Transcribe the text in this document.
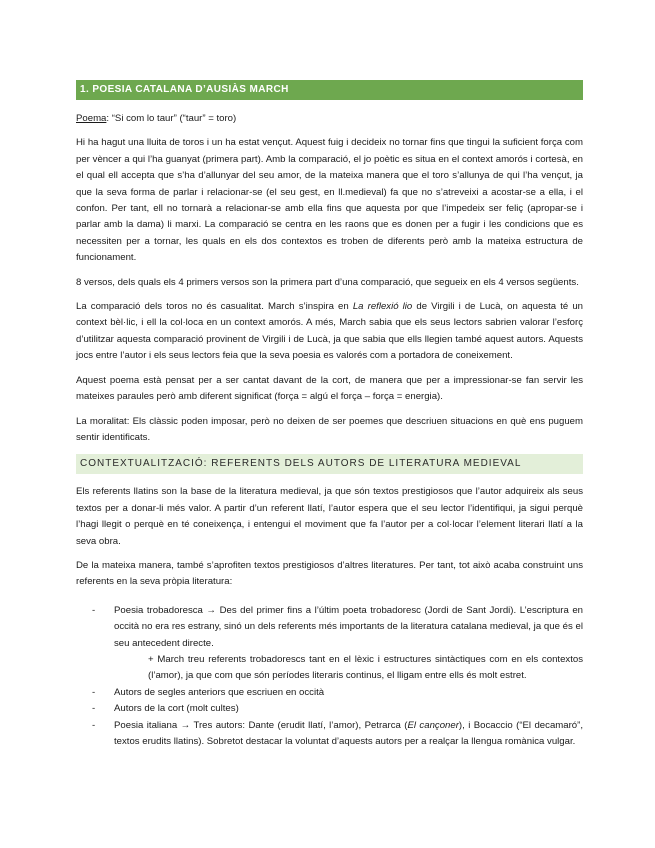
1. POESIA CATALANA D’AUSIÀS MARCH

Poema: “Si com lo taur” (“taur” = toro)

Hi ha hagut una lluita de toros i un ha estat vençut. Aquest fuig i decideix no tornar fins que tingui la suficient força com per vèncer a qui l’ha guanyat (primera part). Amb la comparació, el jo poètic es situa en el context amorós i cortesà, en el qual ell accepta que s’ha d’allunyar del seu amor, de la mateixa manera que el toro s’allunya de qui l’ha vençut, ja que la seva forma de parlar i relacionar-se (el seu gest, en ll.medieval) fa que no s’atreveixi a acostar-se a ella, i el confon. Per tant, ell no tornarà a relacionar-se amb ella fins que aquesta por que l’impedeix ser feliç (apropar-se i parlar amb la dama) li marxi. La comparació se centra en les raons que es donen per a fugir i les condicions que es necessiten per a tornar, les quals en els dos contextos es troben de diferents però amb la mateixa estructura de funcionament.

8 versos, dels quals els 4 primers versos son la primera part d’una comparació, que segueix en els 4 versos següents.

La comparació dels toros no és casualitat. March s’inspira en La reflexió lio de Virgili i de Lucà, on aquesta té un context bèl·lic, i ell la col·loca en un context amorós. A més, March sabia que els seus lectors sabrien valorar l’esforç d’utilitzar aquesta comparació provinent de Virgili i de Lucà, ja que sabia que ells llegien també aquest autors. Aquests jocs entre l’autor i els seus lectors feia que la seva poesia es valorés com a portadora de coneixement.

Aquest poema està pensat per a ser cantat davant de la cort, de manera que per a impressionar-se fan servir les mateixes paraules però amb diferent significat (força = algú el força – força = energia).

La moralitat: Els clàssic poden imposar, però no deixen de ser poemes que descriuen situacions en què ens puguem sentir identificats.

CONTEXTUALITZACIÓ: REFERENTS DELS AUTORS DE LITERATURA MEDIEVAL

Els referents llatins son la base de la literatura medieval, ja que són textos prestigiosos que l’autor adquireix als seus textos per a donar-li més valor. A partir d’un referent llatí, l’autor espera que el seu lector l’identifiqui, ja sigui perquè l’hagi llegit o perquè en té coneixença, i entengui el moviment que fa l’autor per a col·locar l’element literari llatí a la seva obra.

De la mateixa manera, també s’aprofiten textos prestigiosos d’altres literatures. Per tant, tot això acaba construint uns referents en la seva pròpia literatura:

- Poesia trobadoresca → Des del primer fins a l’últim poeta trobadoresc (Jordi de Sant Jordi). L’escriptura en occità no era res estrany, sinó un dels referents més importants de la literatura catalana medieval, ja que és el seu antecedent directe.
+ March treu referents trobadorescs tant en el lèxic i estructures sintàctiques com en els contextos (l’amor), ja que com que són períodes literaris continus, el lligam entre ells és molt estret.
- Autors de segles anteriors que escriuen en occità
- Autors de la cort (molt cultes)
- Poesia italiana → Tres autors: Dante (erudit llatí, l’amor), Petrarca (El cançoner), i Bocaccio (“El decamaró”, textos erudits llatins). Sobretot destacar la voluntat d’aquests autors per a realçar la llengua romànica vulgar.
